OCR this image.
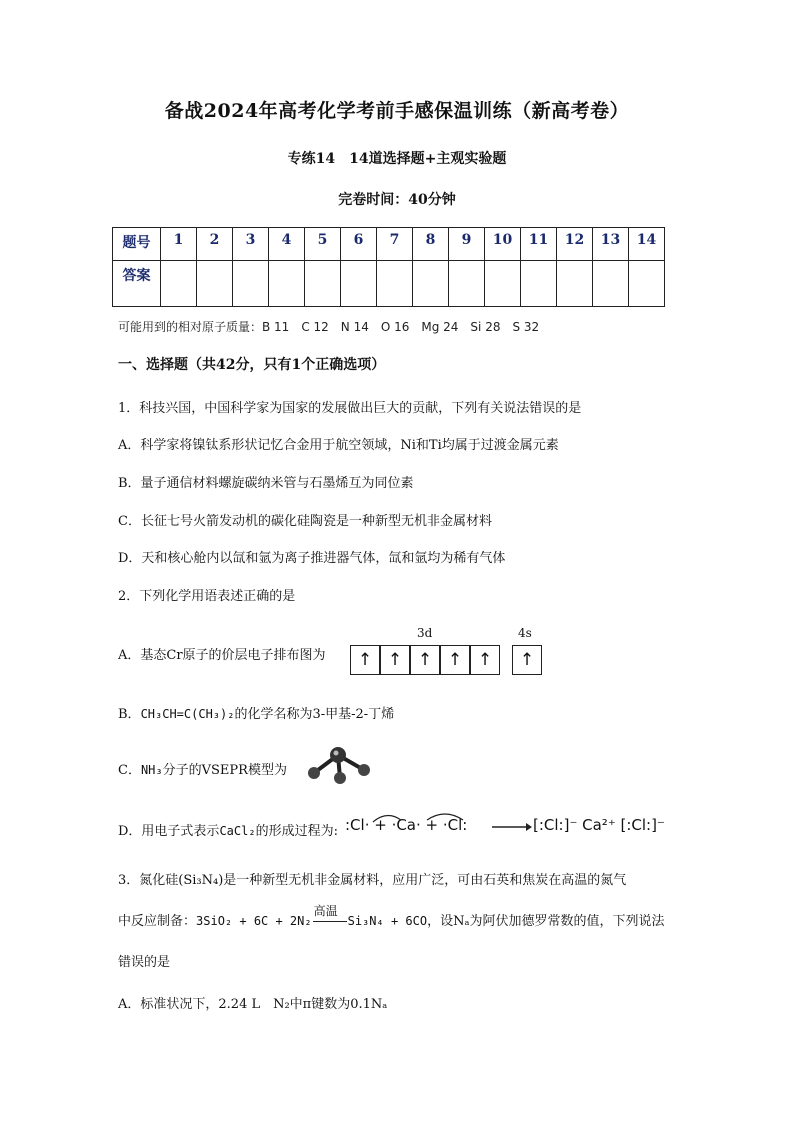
备战2024年高考化学考前手感保温训练（新高考卷）
专练14　14道选择题+主观实验题
完卷时间：40分钟
题号	1	2	3	4	5	6	7	8	9	10	11	12	13	14
答案														
可能用到的相对原子质量：B 11　C 12　N 14　O 16　Mg 24　Si 28　S 32
一、选择题（共42分，只有1个正确选项）
1．科技兴国，中国科学家为国家的发展做出巨大的贡献，下列有关说法错误的是
A．科学家将镍钛系形状记忆合金用于航空领域，Ni和Ti均属于过渡金属元素
B．量子通信材料螺旋碳纳米管与石墨烯互为同位素
C．长征七号火箭发动机的碳化硅陶瓷是一种新型无机非金属材料
D．天和核心舱内以氙和氩为离子推进器气体，氙和氩均为稀有气体
2．下列化学用语表述正确的是
A．基态Cr原子的价层电子排布图为
3d	4s
↑ ↑ ↑ ↑ ↑	↑
B．CH₃CH=C(CH₃)₂的化学名称为3-甲基-2-丁烯
C．NH₃分子的VSEPR模型为
D．用电子式表示CaCl₂的形成过程为: :Cl· + ·Ca· + ·Cl: → [:Cl:]⁻ Ca²⁺ [:Cl:]⁻
3．氮化硅(Si₃N₄)是一种新型无机非金属材料，应用广泛，可由石英和焦炭在高温的氮气
中反应制备：3SiO₂ + 6C + 2N₂
高温
Si₃N₄ + 6CO，设Nₐ为阿伏加德罗常数的值，下列说法
错误的是
A．标准状况下，2.24 L　N₂中π键数为0.1Nₐ
